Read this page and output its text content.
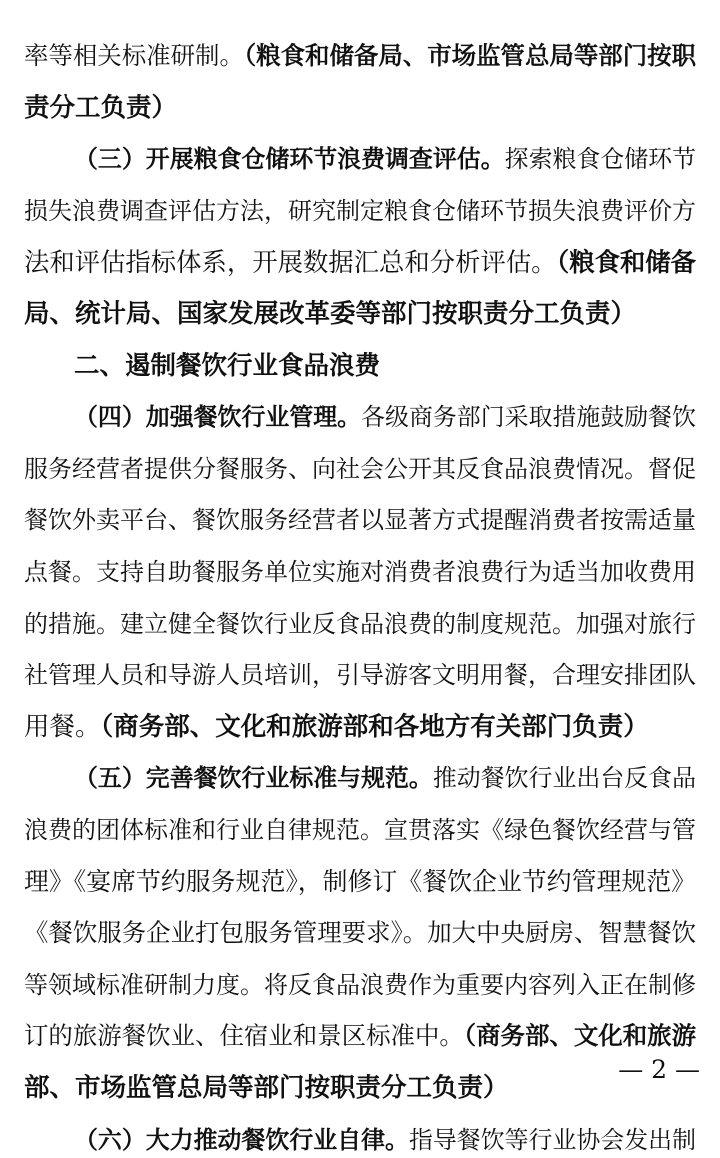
率等相关标准研制。（粮食和储备局、市场监管总局等部门按职
责分工负责）
（三）开展粮食仓储环节浪费调查评估。探索粮食仓储环节
损失浪费调查评估方法，研究制定粮食仓储环节损失浪费评价方
法和评估指标体系，开展数据汇总和分析评估。（粮食和储备
局、统计局、国家发展改革委等部门按职责分工负责）
二、遏制餐饮行业食品浪费
（四）加强餐饮行业管理。各级商务部门采取措施鼓励餐饮
服务经营者提供分餐服务、向社会公开其反食品浪费情况。督促
餐饮外卖平台、餐饮服务经营者以显著方式提醒消费者按需适量
点餐。支持自助餐服务单位实施对消费者浪费行为适当加收费用
的措施。建立健全餐饮行业反食品浪费的制度规范。加强对旅行
社管理人员和导游人员培训，引导游客文明用餐，合理安排团队
用餐。（商务部、文化和旅游部和各地方有关部门负责）
（五）完善餐饮行业标准与规范。推动餐饮行业出台反食品
浪费的团体标准和行业自律规范。宣贯落实《绿色餐饮经营与管
理》《宴席节约服务规范》，制修订《餐饮企业节约管理规范》
《餐饮服务企业打包服务管理要求》。加大中央厨房、智慧餐饮
等领域标准研制力度。将反食品浪费作为重要内容列入正在制修
订的旅游餐饮业、住宿业和景区标准中。（商务部、文化和旅游
部、市场监管总局等部门按职责分工负责）
（六）大力推动餐饮行业自律。指导餐饮等行业协会发出制
— 2 —
